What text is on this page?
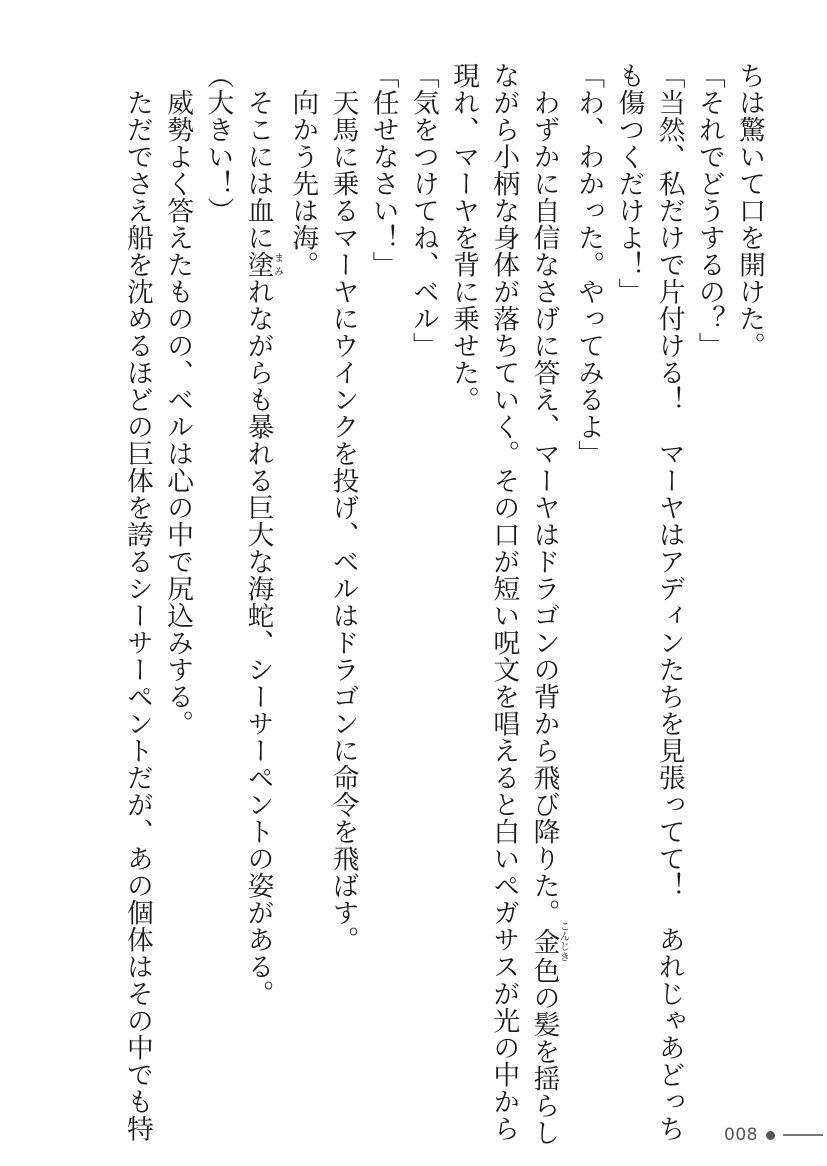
ちは驚いて口を開けた。
「それでどうするの？」
「当然、私だけで片付ける！　マーヤはアディンたちを見張ってて！　あれじゃあどっち
も傷つくだけよ！」
「わ、わかった。やってみるよ」
　わずかに自信なさげに答え、マーヤはドラゴンの背から飛び降りた。金こんじき色の髪を揺らし
ながら小柄な身体が落ちていく。その口が短い呪文を唱えると白いペガサスが光の中から
現れ、マーヤを背に乗せた。
「気をつけてね、ベル」
「任せなさい！」
　天馬に乗るマーヤにウインクを投げ、ベルはドラゴンに命令を飛ばす。
　向かう先は海。
　そこには血に塗まみれながらも暴れる巨大な海蛇、シーサーペントの姿がある。
（大きい！）
　威勢よく答えたものの、ベルは心の中で尻込みする。
　ただでさえ船を沈めるほどの巨体を誇るシーサーペントだが、あの個体はその中でも特	008
